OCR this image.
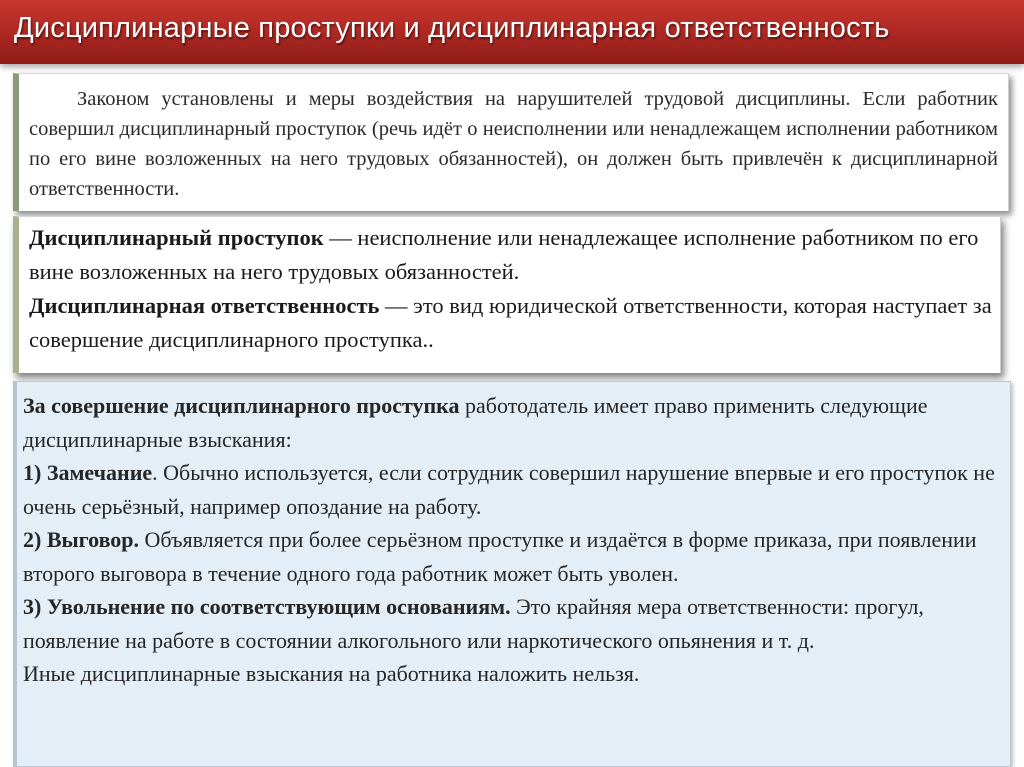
Дисциплинарные проступки и дисциплинарная ответственность

Законом установлены и меры воздействия на нарушителей трудовой дисциплины. Если работник совершил дисциплинарный проступок (речь идёт о неисполнении или ненадлежащем исполнении работником по его вине возложенных на него трудовых обязанностей), он должен быть привлечён к дисциплинарной ответственности.

Дисциплинарный проступок — неисполнение или ненадлежащее исполнение работником по его вине возложенных на него трудовых обязанностей.

Дисциплинарная ответственность — это вид юридической ответственности, которая наступает за совершение дисциплинарного проступка..

За совершение дисциплинарного проступка работодатель имеет право применить следующие дисциплинарные взыскания:

1) Замечание. Обычно используется, если сотрудник совершил нарушение впервые и его проступок не очень серьёзный, например опоздание на работу.

2) Выговор. Объявляется при более серьёзном проступке и издаётся в форме приказа, при появлении второго выговора в течение одного года работник может быть уволен.

3) Увольнение по соответствующим основаниям. Это крайняя мера ответственности: прогул, появление на работе в состоянии алкогольного или наркотического опьянения и т. д.

Иные дисциплинарные взыскания на работника наложить нельзя.
